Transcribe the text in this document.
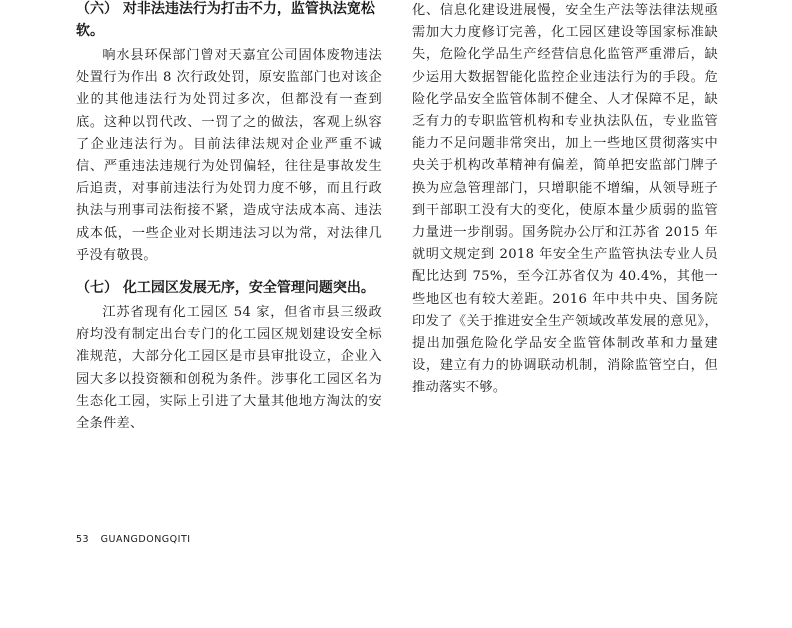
（六） 对非法违法行为打击不力，监管执法宽松软。

响水县环保部门曾对天嘉宜公司固体废物违法处置行为作出 8 次行政处罚，原安监部门也对该企业的其他违法行为处罚过多次，但都没有一查到底。这种以罚代改、一罚了之的做法，客观上纵容了企业违法行为。目前法律法规对企业严重不诚信、严重违法违规行为处罚偏轻，往往是事故发生后追责，对事前违法行为处罚力度不够，而且行政执法与刑事司法衔接不紧，造成守法成本高、违法成本低，一些企业对长期违法习以为常，对法律几乎没有敬畏。

（七） 化工园区发展无序，安全管理问题突出。

江苏省现有化工园区 54 家，但省市县三级政府均没有制定出台专门的化工园区规划建设安全标准规范，大部分化工园区是市县审批设立，企业入园大多以投资额和创税为条件。涉事化工园区名为生态化工园，实际上引进了大量其他地方淘汰的安全条件差、

化、信息化建设进展慢，安全生产法等法律法规亟需加大力度修订完善，化工园区建设等国家标准缺失，危险化学品生产经营信息化监管严重滞后，缺少运用大数据智能化监控企业违法行为的手段。危险化学品安全监管体制不健全、人才保障不足，缺乏有力的专职监管机构和专业执法队伍，专业监管能力不足问题非常突出，加上一些地区贯彻落实中央关于机构改革精神有偏差，简单把安监部门牌子换为应急管理部门，只增职能不增编，从领导班子到干部职工没有大的变化，使原本量少质弱的监管力量进一步削弱。国务院办公厅和江苏省 2015 年就明文规定到 2018 年安全生产监管执法专业人员配比达到 75%，至今江苏省仅为 40.4%，其他一些地区也有较大差距。2016 年中共中央、国务院印发了《关于推进安全生产领域改革发展的意见》，提出加强危险化学品安全监管体制改革和力量建设，建立有力的协调联动机制，消除监管空白，但推动落实不够。

53 GUANGDONGQITI
